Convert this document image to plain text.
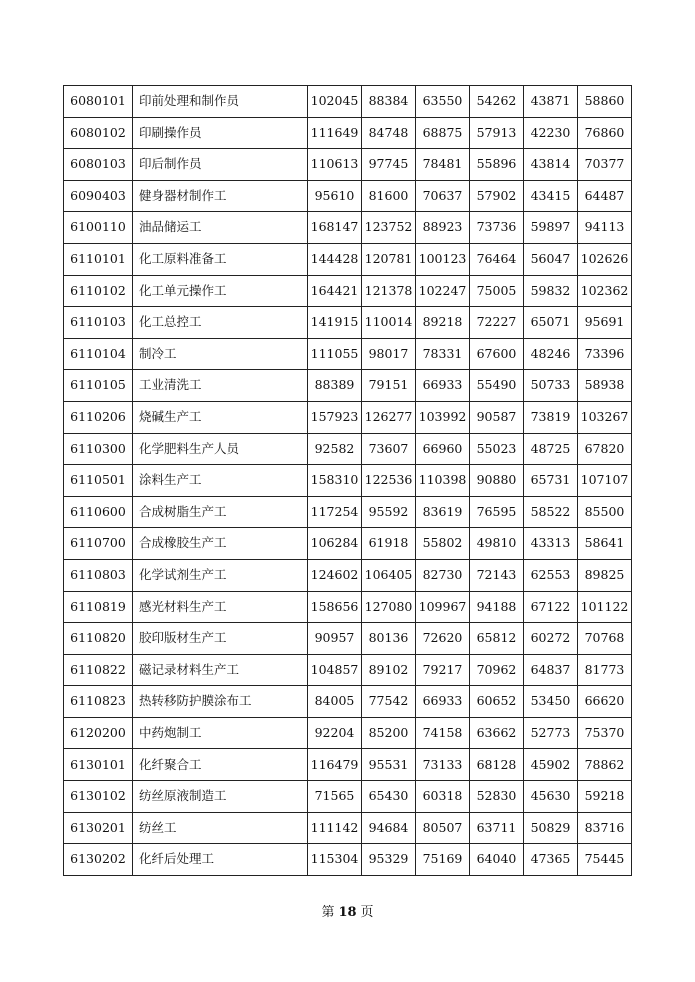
6080101	印前处理和制作员	102045	88384	63550	54262	43871	58860
6080102	印刷操作员	111649	84748	68875	57913	42230	76860
6080103	印后制作员	110613	97745	78481	55896	43814	70377
6090403	健身器材制作工	95610	81600	70637	57902	43415	64487
6100110	油品储运工	168147	123752	88923	73736	59897	94113
6110101	化工原料准备工	144428	120781	100123	76464	56047	102626
6110102	化工单元操作工	164421	121378	102247	75005	59832	102362
6110103	化工总控工	141915	110014	89218	72227	65071	95691
6110104	制冷工	111055	98017	78331	67600	48246	73396
6110105	工业清洗工	88389	79151	66933	55490	50733	58938
6110206	烧碱生产工	157923	126277	103992	90587	73819	103267
6110300	化学肥料生产人员	92582	73607	66960	55023	48725	67820
6110501	涂料生产工	158310	122536	110398	90880	65731	107107
6110600	合成树脂生产工	117254	95592	83619	76595	58522	85500
6110700	合成橡胶生产工	106284	61918	55802	49810	43313	58641
6110803	化学试剂生产工	124602	106405	82730	72143	62553	89825
6110819	感光材料生产工	158656	127080	109967	94188	67122	101122
6110820	胶印版材生产工	90957	80136	72620	65812	60272	70768
6110822	磁记录材料生产工	104857	89102	79217	70962	64837	81773
6110823	热转移防护膜涂布工	84005	77542	66933	60652	53450	66620
6120200	中药炮制工	92204	85200	74158	63662	52773	75370
6130101	化纤聚合工	116479	95531	73133	68128	45902	78862
6130102	纺丝原液制造工	71565	65430	60318	52830	45630	59218
6130201	纺丝工	111142	94684	80507	63711	50829	83716
6130202	化纤后处理工	115304	95329	75169	64040	47365	75445
第 18 页
